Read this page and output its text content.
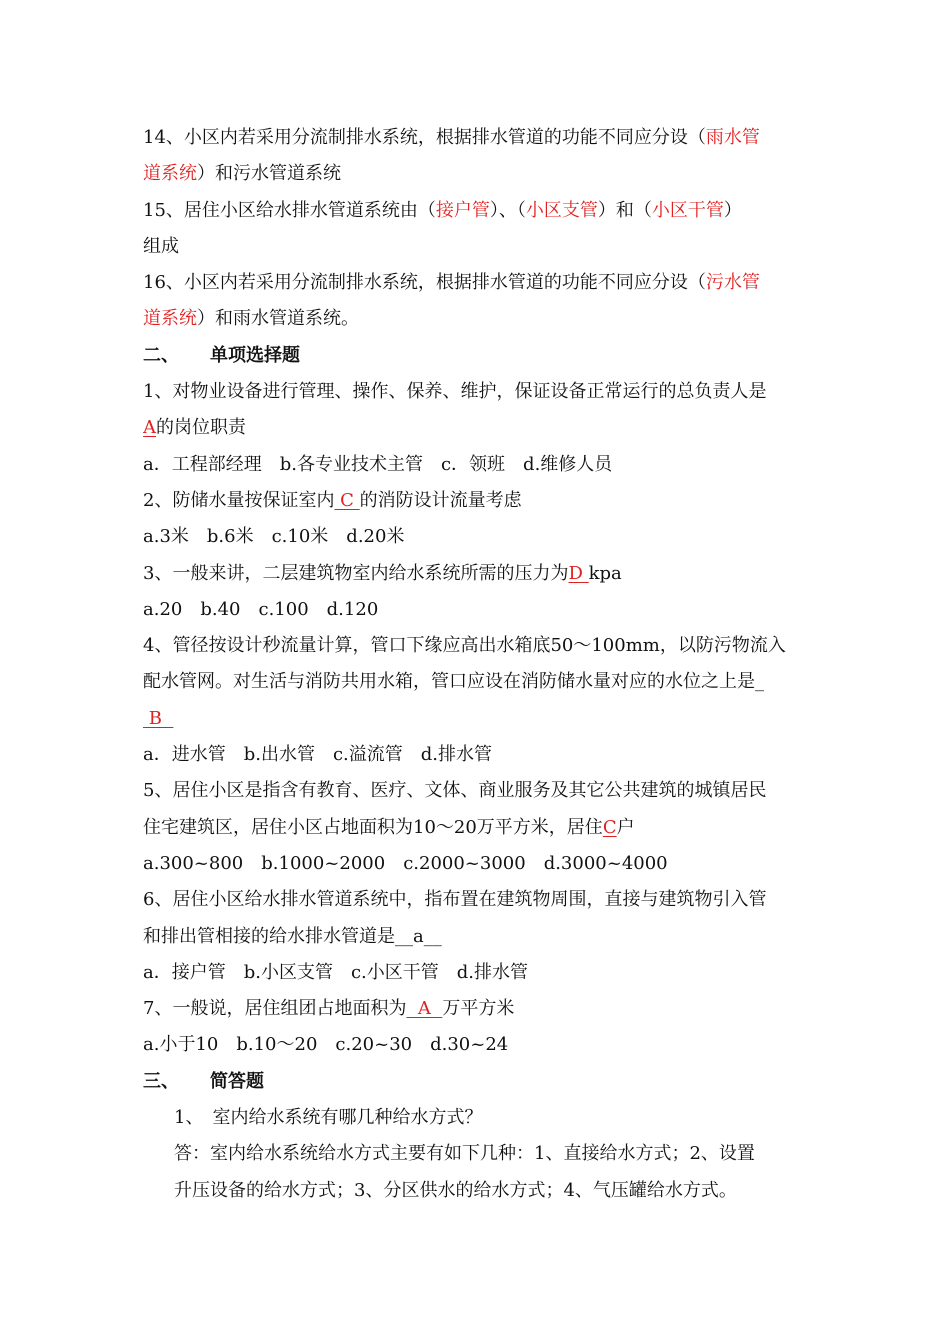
14、小区内若采用分流制排水系统，根据排水管道的功能不同应分设（雨水管
道系统）和污水管道系统
15、居住小区给水排水管道系统由（接户管）、（小区支管）和（小区干管）
组成
16、小区内若采用分流制排水系统，根据排水管道的功能不同应分设（污水管
道系统）和雨水管道系统。
二、 单项选择题
1、对物业设备进行管理、操作、保养、维护，保证设备正常运行的总负责人是
A的岗位职责
a．工程部经理　b.各专业技术主管　c．领班　d.维修人员
2、防储水量按保证室内 C 的消防设计流量考虑
a.3米　b.6米　c.10米　d.20米
3、一般来讲，二层建筑物室内给水系统所需的压力为D kpa
a.20　b.40　c.100　d.120
4、管径按设计秒流量计算，管口下缘应高出水箱底50～100mm，以防污物流入
配水管网。对生活与消防共用水箱，管口应设在消防储水量对应的水位之上是_
B
a．进水管　b.出水管　c.溢流管　d.排水管
5、居住小区是指含有教育、医疗、文体、商业服务及其它公共建筑的城镇居民
住宅建筑区，居住小区占地面积为10～20万平方米，居住C户
a.300~800　b.1000~2000　c.2000~3000　d.3000~4000
6、居住小区给水排水管道系统中，指布置在建筑物周围，直接与建筑物引入管
和排出管相接的给水排水管道是__a__
a．接户管　b.小区支管　c.小区干管　d.排水管
7、一般说，居住组团占地面积为  A  万平方米
a.小于10　b.10～20　c.20~30　d.30~24
三、 简答题
1、　室内给水系统有哪几种给水方式？
答：室内给水系统给水方式主要有如下几种：1、直接给水方式；2、设置
升压设备的给水方式；3、分区供水的给水方式；4、气压罐给水方式。
